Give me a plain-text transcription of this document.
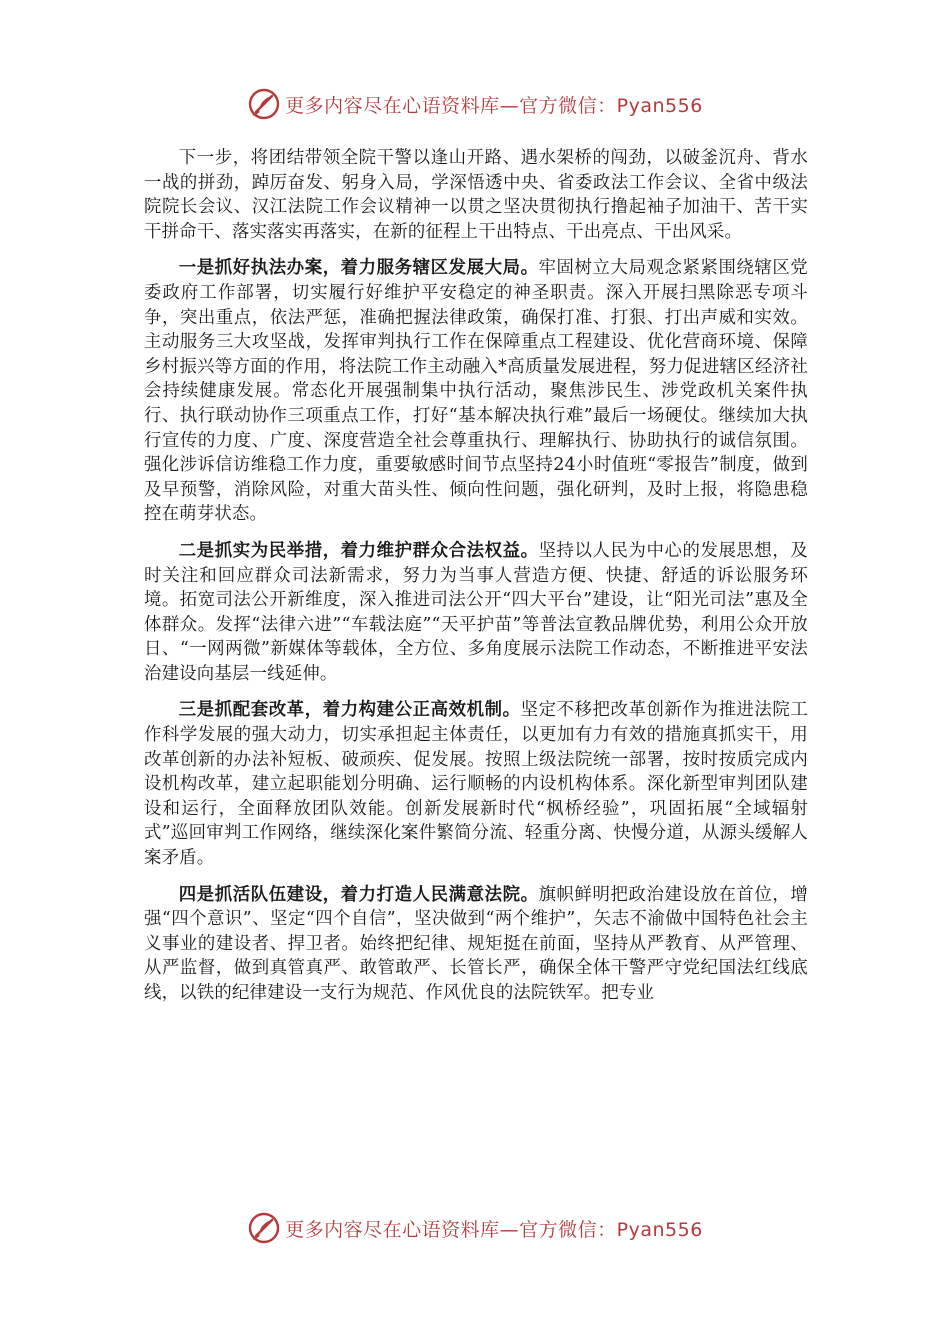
更多内容尽在心语资料库—官方微信：Pyan556

下一步，将团结带领全院干警以逢山开路、遇水架桥的闯劲，以破釜沉舟、背水一战的拼劲，踔厉奋发、躬身入局，学深悟透中央、省委政法工作会议、全省中级法院院长会议、汉江法院工作会议精神一以贯之坚决贯彻执行撸起袖子加油干、苦干实干拼命干、落实落实再落实，在新的征程上干出特点、干出亮点、干出风采。

一是抓好执法办案，着力服务辖区发展大局。牢固树立大局观念紧紧围绕辖区党委政府工作部署，切实履行好维护平安稳定的神圣职责。深入开展扫黑除恶专项斗争，突出重点，依法严惩，准确把握法律政策，确保打准、打狠、打出声威和实效。主动服务三大攻坚战，发挥审判执行工作在保障重点工程建设、优化营商环境、保障乡村振兴等方面的作用，将法院工作主动融入*高质量发展进程，努力促进辖区经济社会持续健康发展。常态化开展强制集中执行活动，聚焦涉民生、涉党政机关案件执行、执行联动协作三项重点工作，打好“基本解决执行难”最后一场硬仗。继续加大执行宣传的力度、广度、深度营造全社会尊重执行、理解执行、协助执行的诚信氛围。强化涉诉信访维稳工作力度，重要敏感时间节点坚持24小时值班“零报告”制度，做到及早预警，消除风险，对重大苗头性、倾向性问题，强化研判，及时上报，将隐患稳控在萌芽状态。

二是抓实为民举措，着力维护群众合法权益。坚持以人民为中心的发展思想，及时关注和回应群众司法新需求，努力为当事人营造方便、快捷、舒适的诉讼服务环境。拓宽司法公开新维度，深入推进司法公开“四大平台”建设，让“阳光司法”惠及全体群众。发挥“法律六进”“车载法庭”“天平护苗”等普法宣教品牌优势，利用公众开放日、“一网两微”新媒体等载体，全方位、多角度展示法院工作动态，不断推进平安法治建设向基层一线延伸。

三是抓配套改革，着力构建公正高效机制。坚定不移把改革创新作为推进法院工作科学发展的强大动力，切实承担起主体责任，以更加有力有效的措施真抓实干，用改革创新的办法补短板、破顽疾、促发展。按照上级法院统一部署，按时按质完成内设机构改革，建立起职能划分明确、运行顺畅的内设机构体系。深化新型审判团队建设和运行，全面释放团队效能。创新发展新时代“枫桥经验”，巩固拓展“全域辐射式”巡回审判工作网络，继续深化案件繁简分流、轻重分离、快慢分道，从源头缓解人案矛盾。

四是抓活队伍建设，着力打造人民满意法院。旗帜鲜明把政治建设放在首位，增强“四个意识”、坚定“四个自信”，坚决做到“两个维护”，矢志不渝做中国特色社会主义事业的建设者、捍卫者。始终把纪律、规矩挺在前面，坚持从严教育、从严管理、从严监督，做到真管真严、敢管敢严、长管长严，确保全体干警严守党纪国法红线底线，以铁的纪律建设一支行为规范、作风优良的法院铁军。把专业

更多内容尽在心语资料库—官方微信：Pyan556
